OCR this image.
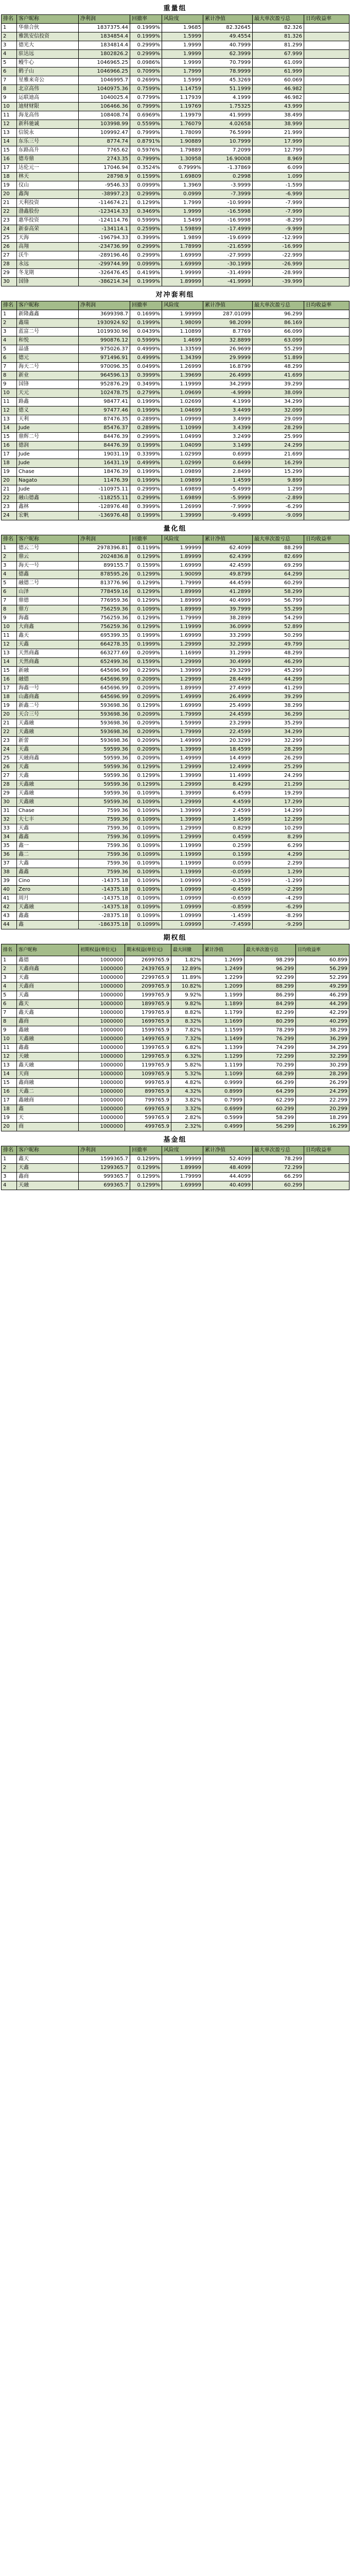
重量组
排名	客户昵称	净利润	回撤率	风险度	累计净值	最大单次盈亏总	日均收益率
1	华鼎合伙	1837375.44	0.1999%	1.9685	82.32645	82.326	
2	雅凯安信投资	1834854.4	0.1999%	1.5999	49.4554	81.326	
3	德光大	1834814.4	0.2999%	1.9999	40.7999	81.299	
4	驻达远	1802826.2	0.2999%	1.9999	62.3999	67.999	
5	鳗牛心	1046965.25	0.0986%	1.9999	70.7999	61.099	
6	鹤子山	1046966.25	0.7099%	1.7999	78.9999	61.999	
7	星雅来奇公	1046995.7	0.2699%	1.5999	45.3269	60.069	
8	北京高伟	1040975.36	0.7599%	1.14759	51.1999	46.982	
9	运联迪高	1040025.4	0.7799%	1.17939	4.1999	46.982	
10	迪财财限	106466.36	0.7999%	1.19769	1.75325	43.999	
11	海龙高伟	108408.74	0.6969%	1.19979	41.9999	38.499	
12	新科驰诚	103998.99	0.5599%	1.76079	4.02658	38.999	
13	信锐永	109992.47	0.7999%	1.78099	76.5999	21.999	
14	东乐三号	8774.74	0.8791%	1.90889	10.7999	17.999	
15	东路高升	7765.62	0.5976%	1.79889	7.2099	12.799	
16	德寿鼎	2743.35	0.7999%	1.30958	16.90008	8.969	
17	达伦元一	17046.94	0.3524%	0.7999%	-1.37869	6.099	
18	林天	28798.9	0.1599%	1.69809	0.2998	1.099	
19	仪山	-9546.33	0.0999%	1.3969	-3.9999	-1.599	
20	鑫淘	-38997.23	0.2999%	0.0999	-7.3999	-6.999	
21	天利投资	-114674.21	0.1299%	1.7999	-10.9999	-7.999	
22	渤鑫股份	-123414.33	0.3469%	1.9999	-16.5998	-7.999	
23	惠华投资	-124114.76	0.5999%	1.5499	-16.9998	-8.299	
24	新泰高荣	-134114.1	0.2599%	1.59899	-17.4999	-9.999	
25	天海	-196794.33	0.3999%	1.9899	-19.6999	-12.999	
26	高翔	-234736.99	0.2999%	1.78999	-21.6599	-16.999	
27	沃牛	-289196.46	0.2999%	1.69999	-27.9999	-22.999	
28	永远	-299744.99	0.0999%	1.69999	-30.1999	-26.999	
29	冬龙期	-326476.45	0.4199%	1.99999	-31.4999	-28.999	
30	国锋	-386214.34	0.1999%	1.89999	-41.9999	-39.999	
对冲套利组
排名	客户昵称	净利润	回撤率	风险度	累计净值	最大单次盈亏总	日均收益率
1	新隆鑫鑫	3699398.7	0.1699%	1.99999	287.01099	96.299	
2	鑫瑞	1930924.92	0.1999%	1.98099	98.2099	86.169	
3	蓝富二号	1019930.96	0.0439%	1.10899	8.7769	66.099	
4	和悦	990876.12	0.5999%	1.4699	32.8899	63.099	
5	晶盛	975026.37	0.4999%	1.33599	26.9699	55.299	
6	德元	971496.91	0.4999%	1.34399	29.9999	51.899	
7	海天二号	970096.35	0.0499%	1.26999	16.8799	48.299	
8	新业	964596.13	0.3999%	1.39699	26.4999	41.699	
9	国锋	952876.29	0.3499%	1.19999	34.2999	39.299	
10	天元	102478.75	0.2799%	1.09699	-4.9999	38.099	
11	路鑫	98477.41	0.1999%	1.02699	4.1999	34.299	
12	德义	97477.46	0.1999%	1.04699	3.4499	32.099	
13	天利	87476.35	0.2899%	1.09999	3.4999	29.099	
14	Jude	85476.37	0.2899%	1.10999	3.4399	28.299	
15	鼎辉二号	84476.39	0.2999%	1.04999	3.2499	25.999	
16	德润	84476.39	0.1999%	1.04099	3.1499	24.299	
17	Jude	19031.19	0.3399%	1.02999	0.6999	21.699	
18	Jude	16431.19	0.4999%	1.02999	0.6499	16.299	
19	Chase	18476.39	0.1999%	1.09899	2.8499	15.299	
20	Nagato	11476.39	0.1999%	1.09899	1.4599	9.899	
21	Jude	-110975.11	0.2999%	1.69899	-5.4999	1.299	
22	融山德鑫	-118255.11	0.2999%	1.69899	-5.9999	-2.899	
23	鑫林	-128976.48	0.3999%	1.26999	-7.9999	-6.299	
24	宏帆	-136976.48	0.1999%	1.39999	-9.4999	-9.099	
量化组
排名	客户昵称	净利润	回撤率	风险度	累计净值	最大单次盈亏总	日均收益率
1	德云二号	2978396.81	0.1199%	1.99999	62.4099	88.299	
2	鼎云	2024836.8	0.1299%	1.89999	62.4399	82.699	
3	海天一号	899155.7	0.1599%	1.69999	42.4599	69.299	
4	德鑫	878595.26	0.1299%	1.90099	49.8799	64.299	
5	融德二号	813776.96	0.1299%	1.79999	44.4599	60.299	
6	山泽	778459.16	0.1299%	1.89999	41.2899	58.299	
7	鼎德	776959.36	0.1299%	1.89999	40.4999	56.799	
8	鼎方	756259.36	0.1099%	1.89999	39.7999	55.299	
9	海鑫	756259.36	0.1299%	1.79999	38.2899	54.299	
10	大商鑫	756259.36	0.1299%	1.19999	36.0999	52.899	
11	鑫天	695399.35	0.1999%	1.69999	33.2999	50.299	
12	天鑫	664278.35	0.1999%	1.29999	32.2999	49.799	
13	天然商鑫	663277.69	0.2099%	1.16999	31.2999	48.299	
14	天然商鑫	652499.36	0.1599%	1.29999	30.4999	46.299	
15	新融	645696.99	0.2299%	1.39999	29.3299	45.299	
16	融德	645696.99	0.2099%	1.29999	28.4499	44.299	
17	海鑫一号	645696.99	0.2099%	1.89999	27.4999	41.299	
18	山鑫商鑫	645696.99	0.2099%	1.49999	26.4999	39.299	
19	新鑫二号	593698.36	0.1299%	1.69999	25.4999	38.299	
20	天合三号	593698.36	0.2099%	1.79999	24.4599	36.299	
21	天鑫融	593698.36	0.2099%	1.59999	23.2999	35.299	
22	天鑫融	593698.36	0.2099%	1.79999	22.4599	34.299	
23	新蕾	593698.36	0.2099%	1.49999	20.3299	32.299	
24	天鑫	59599.36	0.2099%	1.39999	18.4599	28.299	
25	天融商鑫	59599.36	0.2099%	1.49999	14.4999	26.299	
26	天鑫	59599.36	0.1299%	1.29999	12.4999	25.299	
27	天鑫	59599.36	0.1299%	1.39999	11.4999	24.299	
28	天鑫融	59599.36	0.1299%	1.29999	8.4299	21.299	
29	天鑫融	59599.36	0.1099%	1.39999	6.4599	19.299	
30	天鑫融	59599.36	0.1099%	1.29999	4.4599	17.299	
31	Chase	7599.36	0.1099%	1.39999	2.4599	14.299	
32	大七丰	7599.36	0.1099%	1.39999	1.4599	12.299	
33	天鑫	7599.36	0.1099%	1.29999	0.8299	10.299	
34	鑫鑫	7599.36	0.1099%	1.29999	0.4599	8.299	
35	鑫一	7599.36	0.1099%	1.19999	0.2599	6.299	
36	鑫二	7599.36	0.1099%	1.19999	0.1599	4.299	
37	大鑫	7599.36	0.1099%	1.19999	0.0599	2.299	
38	鑫鑫	7599.36	0.1099%	1.19999	-0.0599	1.299	
39	Cino	-14375.18	0.1099%	1.09999	-0.3599	-1.299	
40	Zero	-14375.18	0.1099%	1.09999	-0.4599	-2.299	
41	周月	-14375.18	0.1099%	1.09999	-0.6599	-4.299	
42	天鑫融	-14375.18	0.1099%	1.09999	-0.8599	-6.299	
43	鑫鑫	-28375.18	0.1099%	1.09999	-1.4599	-8.299	
44	鑫	-186375.18	0.1099%	1.09999	-7.4599	-9.299	
期权组
排名	客户昵称	初期权益(单位元)	期末权益(单位元)	最大回撤	累计净值	最大单次盈亏总	日均收益率
1	鑫德	1000000	2699765.9	1.82%	1.2699	98.299	60.899
2	天鑫商鑫	1000000	2439765.9	12.89%	1.2499	96.299	56.299
3	天鑫	1000000	2299765.9	11.89%	1.2299	92.299	52.299
4	天鑫商	1000000	2099765.9	10.82%	1.2099	88.299	49.299
5	天鑫	1000000	1999765.9	9.92%	1.1999	86.299	46.299
6	鑫天	1000000	1899765.9	9.82%	1.1899	84.299	44.299
7	鑫天鑫	1000000	1799765.9	8.82%	1.1799	82.299	42.299
8	鑫商	1000000	1699765.9	8.32%	1.1699	80.299	40.299
9	鑫融	1000000	1599765.9	7.82%	1.1599	78.299	38.299
10	天鑫融	1000000	1499765.9	7.32%	1.1499	76.299	36.299
11	鑫鑫	1000000	1399765.9	6.82%	1.1399	74.299	34.299
12	天融	1000000	1299765.9	6.32%	1.1299	72.299	32.299
13	鑫天融	1000000	1199765.9	5.82%	1.1199	70.299	30.299
14	天商	1000000	1099765.9	5.32%	1.1099	68.299	28.299
15	鑫商融	1000000	999765.9	4.82%	0.9999	66.299	26.299
16	天鑫二	1000000	899765.9	4.32%	0.8999	64.299	24.299
17	鑫融商	1000000	799765.9	3.82%	0.7999	62.299	22.299
18	鑫	1000000	699765.9	3.32%	0.6999	60.299	20.299
19	天	1000000	599765.9	2.82%	0.5999	58.299	18.299
20	商	1000000	499765.9	2.32%	0.4999	56.299	16.299
基金组
排名	客户昵称	净利润	回撤率	风险度	累计净值	最大单次盈亏总	日均收益率
1	鑫天	1599365.7	0.1299%	1.99999	52.4099	78.299	
2	天鑫	1299365.7	0.1299%	1.89999	48.4099	72.299	
3	鑫商	999365.7	0.1299%	1.79999	44.4099	66.299	
4	天融	699365.7	0.1299%	1.69999	40.4099	60.299	
